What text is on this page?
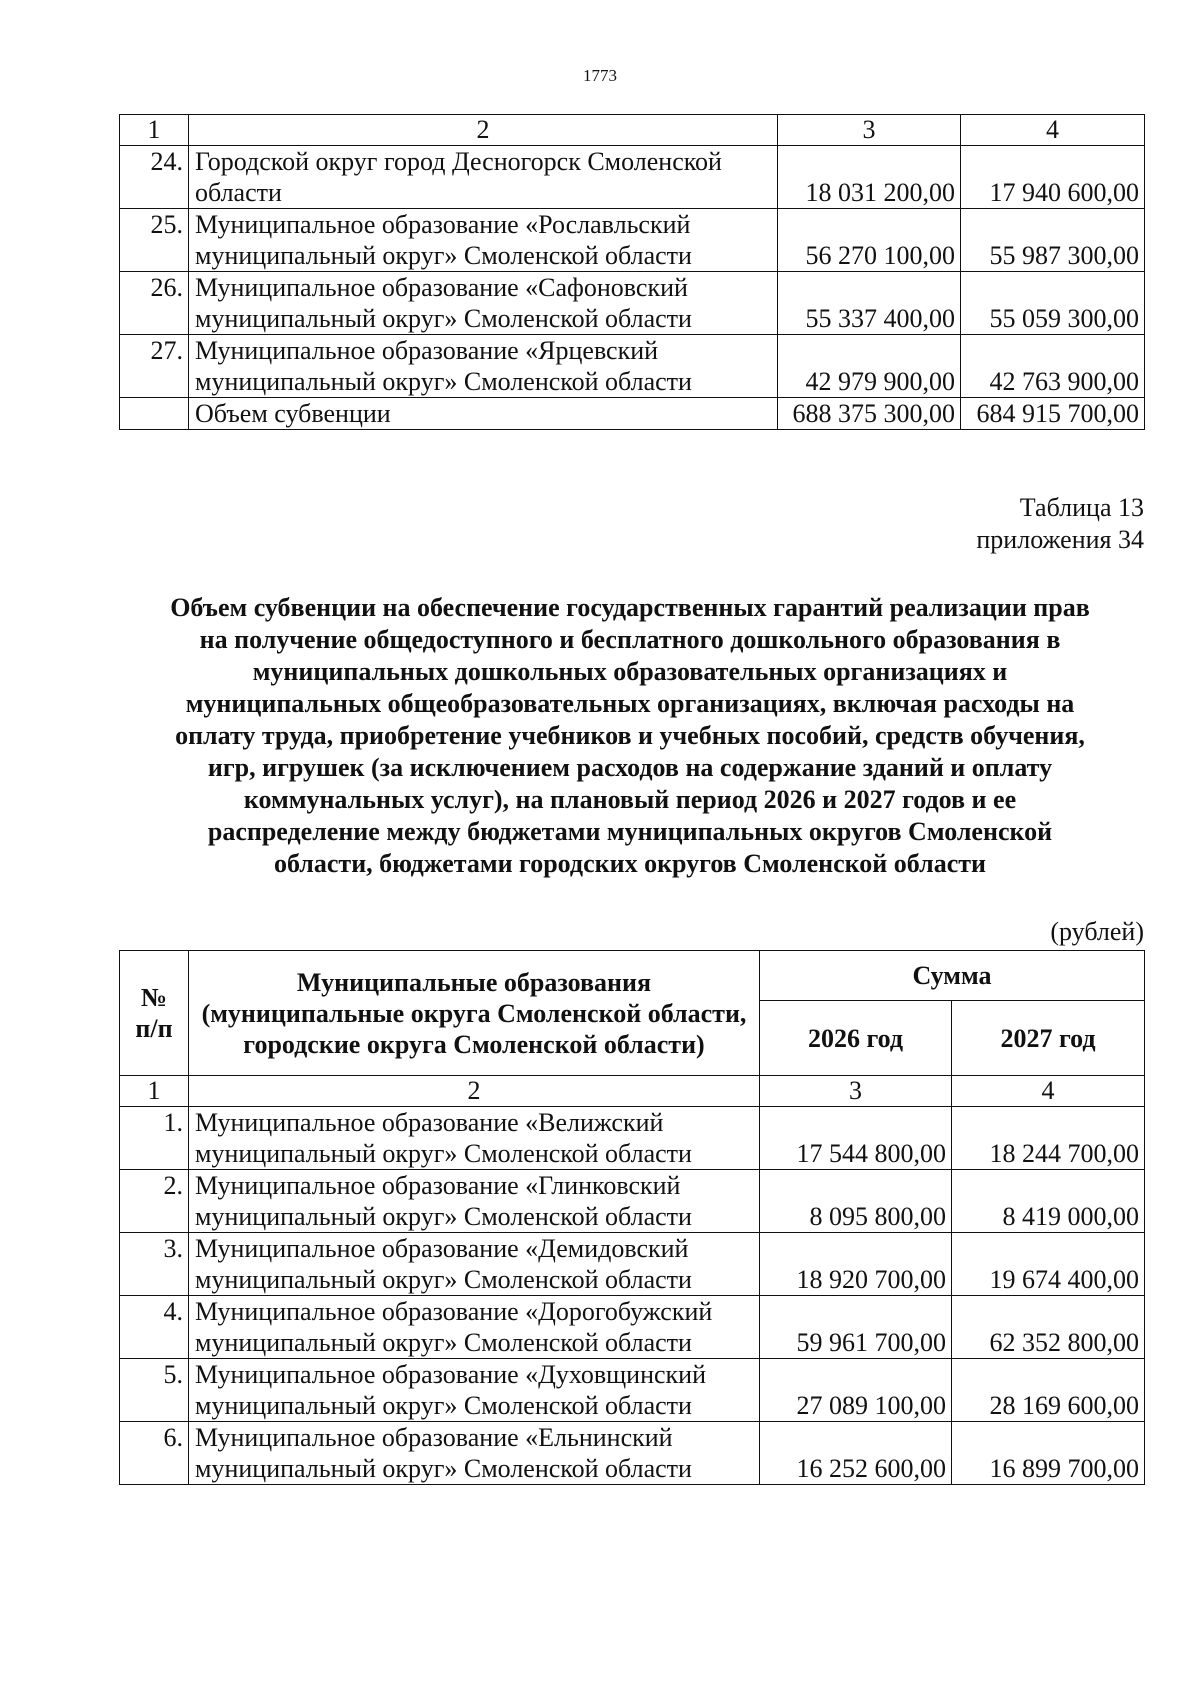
1773
1	2	3	4
24.	Городской округ город Десногорск Смоленской области	18 031 200,00	17 940 600,00
25.	Муниципальное образование «Рославльский муниципальный округ» Смоленской области	56 270 100,00	55 987 300,00
26.	Муниципальное образование «Сафоновский муниципальный округ» Смоленской области	55 337 400,00	55 059 300,00
27.	Муниципальное образование «Ярцевский муниципальный округ» Смоленской области	42 979 900,00	42 763 900,00
	Объем субвенции	688 375 300,00	684 915 700,00
Таблица 13
приложения 34
Объем субвенции на обеспечение государственных гарантий реализации прав
на получение общедоступного и бесплатного дошкольного образования в
муниципальных дошкольных образовательных организациях и
муниципальных общеобразовательных организациях, включая расходы на
оплату труда, приобретение учебников и учебных пособий, средств обучения,
игр, игрушек (за исключением расходов на содержание зданий и оплату
коммунальных услуг), на плановый период 2026 и 2027 годов и ее
распределение между бюджетами муниципальных округов Смоленской
области, бюджетами городских округов Смоленской области
(рублей)
№
п/п	Муниципальные образования (муниципальные округа Смоленской области, городские округа Смоленской области)	Сумма	
		2026 год	2027 год
1	2	3	4
1.	Муниципальное образование «Велижский муниципальный округ» Смоленской области	17 544 800,00	18 244 700,00
2.	Муниципальное образование «Глинковский муниципальный округ» Смоленской области	8 095 800,00	8 419 000,00
3.	Муниципальное образование «Демидовский муниципальный округ» Смоленской области	18 920 700,00	19 674 400,00
4.	Муниципальное образование «Дорогобужский муниципальный округ» Смоленской области	59 961 700,00	62 352 800,00
5.	Муниципальное образование «Духовщинский муниципальный округ» Смоленской области	27 089 100,00	28 169 600,00
6.	Муниципальное образование «Ельнинский муниципальный округ» Смоленской области	16 252 600,00	16 899 700,00
